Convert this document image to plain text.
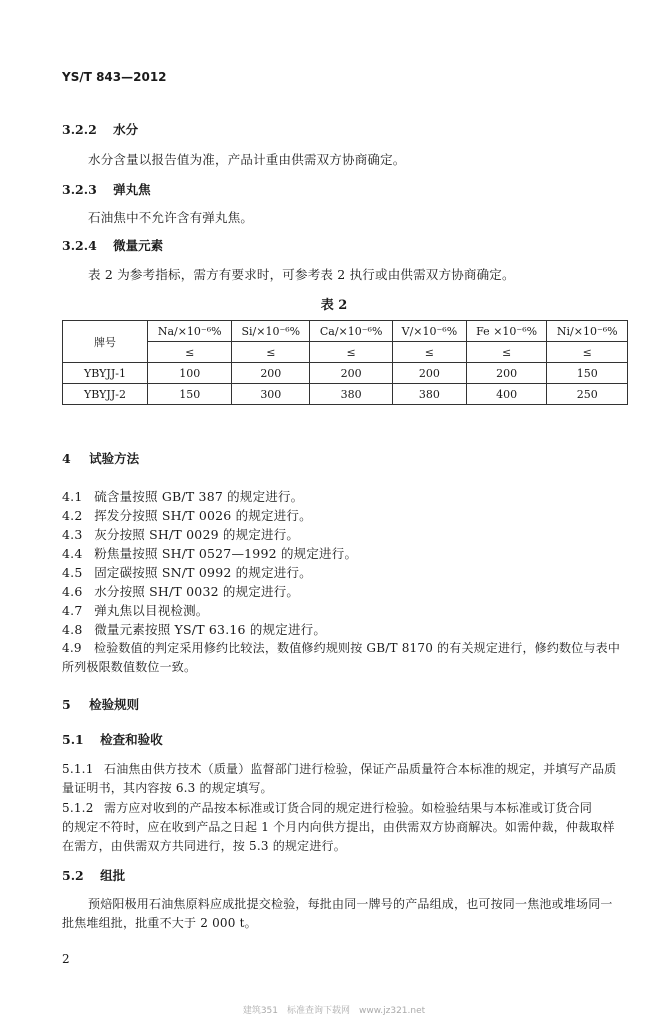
YS/T 843—2012
3.2.2 水分
水分含量以报告值为准，产品计重由供需双方协商确定。
3.2.3 弹丸焦
石油焦中不允许含有弹丸焦。
3.2.4 微量元素
表 2 为参考指标，需方有要求时，可参考表 2 执行或由供需双方协商确定。
表 2
牌号	Na/×10⁻⁶%	Si/×10⁻⁶%	Ca/×10⁻⁶%	V/×10⁻⁶%	Fe ×10⁻⁶%	Ni/×10⁻⁶%
	≤	≤	≤	≤	≤	≤
YBYJJ-1	100	200	200	200	200	150
YBYJJ-2	150	300	380	380	400	250
4 试验方法
4.1 硫含量按照 GB/T 387 的规定进行。
4.2 挥发分按照 SH/T 0026 的规定进行。
4.3 灰分按照 SH/T 0029 的规定进行。
4.4 粉焦量按照 SH/T 0527—1992 的规定进行。
4.5 固定碳按照 SN/T 0992 的规定进行。
4.6 水分按照 SH/T 0032 的规定进行。
4.7 弹丸焦以目视检测。
4.8 微量元素按照 YS/T 63.16 的规定进行。
4.9 检验数值的判定采用修约比较法，数值修约规则按 GB/T 8170 的有关规定进行，修约数位与表中
所列极限数值数位一致。
5 检验规则
5.1 检查和验收
5.1.1 石油焦由供方技术（质量）监督部门进行检验，保证产品质量符合本标准的规定，并填写产品质
量证明书，其内容按 6.3 的规定填写。
5.1.2 需方应对收到的产品按本标准或订货合同的规定进行检验。如检验结果与本标准或订货合同
的规定不符时，应在收到产品之日起 1 个月内向供方提出，由供需双方协商解决。如需仲裁，仲裁取样
在需方，由供需双方共同进行，按 5.3 的规定进行。
5.2 组批
预焙阳极用石油焦原料应成批提交检验，每批由同一牌号的产品组成，也可按同一焦池或堆场同一
批焦堆组批，批重不大于 2 000 t。
2
建筑351　标准查询下载网　www.jz321.net
